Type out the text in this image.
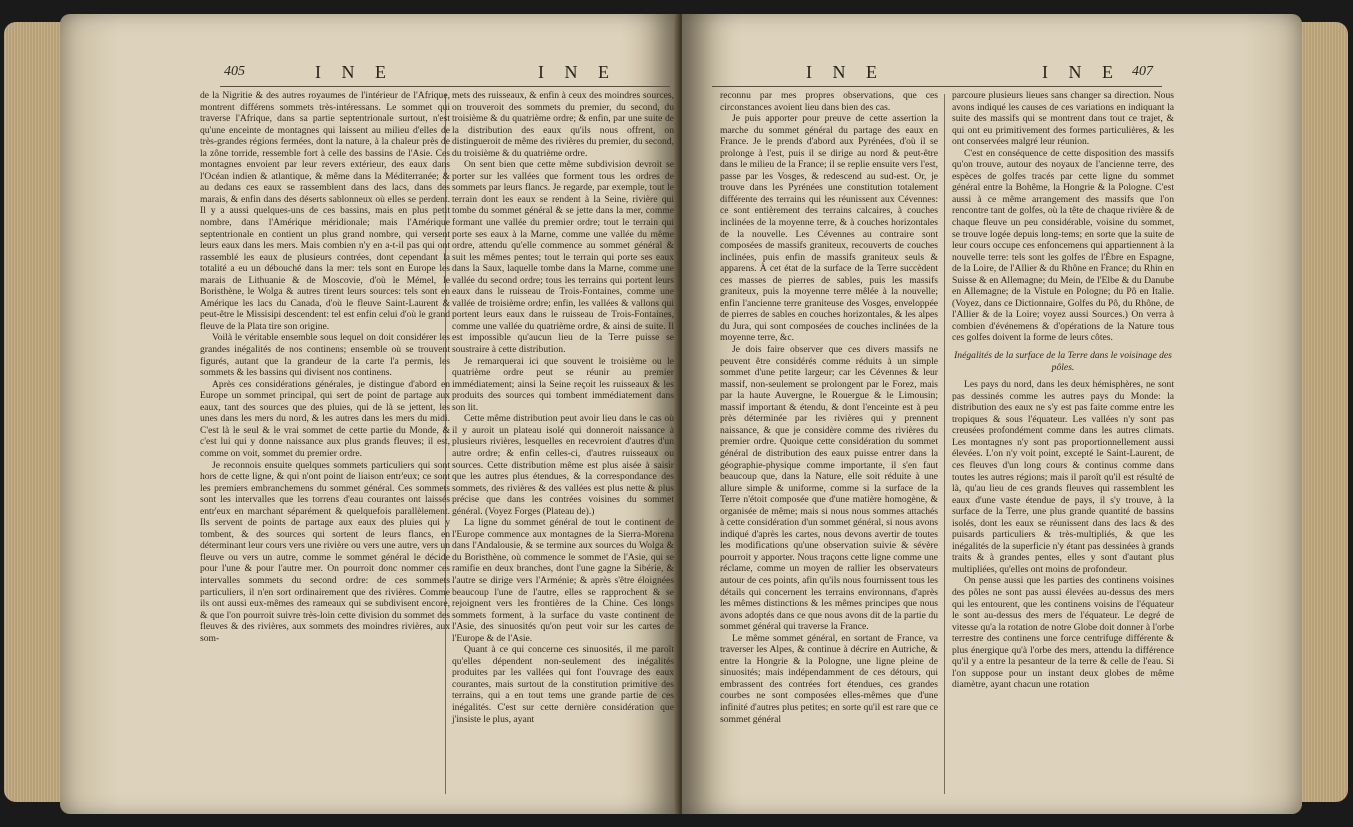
405	I N E	I N E

de la Nigritie & des autres royaumes de l'intérieur de l'Afrique, montrent différens sommets très-intéressans. Le sommet qui traverse l'Afrique, dans sa partie septentrionale surtout, n'est qu'une enceinte de montagnes qui laissent au milieu d'elles de très-grandes régions fermées, dont la nature, à la chaleur près de la zône torride, ressemble fort à celle des bassins de l'Asie. Ces montagnes envoient par leur revers extérieur, des eaux dans l'Océan indien & atlantique, & même dans la Méditerranée; & au dedans ces eaux se rassemblent dans des lacs, dans des marais, & enfin dans des déserts sablonneux où elles se perdent. Il y a aussi quelques-uns de ces bassins, mais en plus petit nombre, dans l'Amérique méridionale; mais l'Amérique septentrionale en contient un plus grand nombre, qui versent leurs eaux dans les mers. Mais combien n'y en a-t-il pas qui ont rassemblé les eaux de plusieurs contrées, dont cependant la totalité a eu un débouché dans la mer: tels sont en Europe les marais de Lithuanie & de Moscovie, d'où le Mémel, le Boristhène, le Wolga & autres tirent leurs sources: tels sont en Amérique les lacs du Canada, d'où le fleuve Saint-Laurent & peut-être le Missisipi descendent: tel est enfin celui d'où le grand fleuve de la Plata tire son origine.

Voilà le véritable ensemble sous lequel on doit considérer les grandes inégalités de nos continens; ensemble où se trouvent figurés, autant que la grandeur de la carte l'a permis, les sommets & les bassins qui divisent nos continens.

Après ces considérations générales, je distingue d'abord en Europe un sommet principal, qui sert de point de partage aux eaux, tant des sources que des pluies, qui de là se jettent, les unes dans les mers du nord, & les autres dans les mers du midi. C'est là le seul & le vrai sommet de cette partie du Monde, & c'est lui qui y donne naissance aux plus grands fleuves; il est, comme on voit, sommet du premier ordre.

Je reconnois ensuite quelques sommets particuliers qui sont hors de cette ligne, & qui n'ont point de liaison entr'eux; ce sont les premiers embranchemens du sommet général. Ces sommets sont les intervalles que les torrens d'eau courantes ont laissés entr'eux en marchant séparément & quelquefois parallèlement. Ils servent de points de partage aux eaux des pluies qui y tombent, & des sources qui sortent de leurs flancs, en déterminant leur cours vers une rivière ou vers une autre, vers un fleuve ou vers un autre, comme le sommet général le décide pour l'une & pour l'autre mer. On pourroit donc nommer ces intervalles sommets du second ordre: de ces sommets particuliers, il n'en sort ordinairement que des rivières. Comme ils ont aussi eux-mêmes des rameaux qui se subdivisent encore, & que l'on pourroit suivre très-loin cette division du sommet des fleuves & des rivières, aux sommets des moindres rivières, aux som-

mets des ruisseaux, & enfin à ceux des moindres sources, on trouveroit des sommets du premier, du second, du troisième & du quatrième ordre; & enfin, par une suite de la distribution des eaux qu'ils nous offrent, on distingueroit de même des rivières du premier, du second, du troisième & du quatrième ordre.

On sent bien que cette même subdivision devroit se porter sur les vallées que forment tous les ordres de sommets par leurs flancs. Je regarde, par exemple, tout le terrain dont les eaux se rendent à la Seine, rivière qui tombe du sommet général & se jette dans la mer, comme formant une vallée du premier ordre; tout le terrain qui porte ses eaux à la Marne, comme une vallée du même ordre, attendu qu'elle commence au sommet général & suit les mêmes pentes; tout le terrain qui porte ses eaux dans la Saux, laquelle tombe dans la Marne, comme une vallée du second ordre; tous les terrains qui portent leurs eaux dans le ruisseau de Trois-Fontaines, comme une vallée de troisième ordre; enfin, les vallées & vallons qui portent leurs eaux dans le ruisseau de Trois-Fontaines, comme une vallée du quatrième ordre, & ainsi de suite. Il est impossible qu'aucun lieu de la Terre puisse se soustraire à cette distribution.

Je remarquerai ici que souvent le troisième ou le quatrième ordre peut se réunir au premier immédiatement; ainsi la Seine reçoit les ruisseaux & les produits des sources qui tombent immédiatement dans son lit.

Cette même distribution peut avoir lieu dans le cas où il y auroit un plateau isolé qui donneroit naissance à plusieurs rivières, lesquelles en recevroient d'autres d'un autre ordre; & enfin celles-ci, d'autres ruisseaux ou sources. Cette distribution même est plus aisée à saisir que les autres plus étendues, & la correspondance des sommets, des rivières & des vallées est plus nette & plus précise que dans les contrées voisines du sommet général. (Voyez Forges (Plateau de).)

La ligne du sommet général de tout le continent de l'Europe commence aux montagnes de la Sierra-Morena dans l'Andalousie, & se termine aux sources du Wolga & du Boristhène, où commence le sommet de l'Asie, qui se ramifie en deux branches, dont l'une gagne la Sibérie, & l'autre se dirige vers l'Arménie; & après s'être éloignées beaucoup l'une de l'autre, elles se rapprochent & se rejoignent vers les frontières de la Chine. Ces longs sommets forment, à la surface du vaste continent de l'Asie, des sinuosités qu'on peut voir sur les cartes de l'Europe & de l'Asie.

Quant à ce qui concerne ces sinuosités, il me paroît qu'elles dépendent non-seulement des inégalités produites par les vallées qui font l'ouvrage des eaux courantes, mais surtout de la constitution primitive des terrains, qui a en tout tems une grande partie de ces inégalités. C'est sur cette dernière considération que j'insiste le plus, ayant

I N E	I N E 407

reconnu par mes propres observations, que ces circonstances avoient lieu dans bien des cas.

Je puis apporter pour preuve de cette assertion la marche du sommet général du partage des eaux en France. Je le prends d'abord aux Pyrénées, d'où il se prolonge à l'est, puis il se dirige au nord & peut-être dans le milieu de la France; il se replie ensuite vers l'est, passe par les Vosges, & redescend au sud-est. Or, je trouve dans les Pyrénées une constitution totalement différente des terrains qui les réunissent aux Cévennes: ce sont entièrement des terrains calcaires, à couches inclinées de la moyenne terre, & à couches horizontales de la nouvelle. Les Cévennes au contraire sont composées de massifs graniteux, recouverts de couches inclinées, puis enfin de massifs graniteux seuls & apparens. À cet état de la surface de la Terre succèdent ces masses de pierres de sables, puis les massifs graniteux, puis la moyenne terre mêlée à la nouvelle; enfin l'ancienne terre graniteuse des Vosges, enveloppée de pierres de sables en couches horizontales, & les alpes du Jura, qui sont composées de couches inclinées de la moyenne terre, &c.

Je dois faire observer que ces divers massifs ne peuvent être considérés comme réduits à un simple sommet d'une petite largeur; car les Cévennes & leur massif, non-seulement se prolongent par le Forez, mais par la haute Auvergne, le Rouergue & le Limousin; massif important & étendu, & dont l'enceinte est à peu près déterminée par les rivières qui y prennent naissance, & que je considère comme des rivières du premier ordre. Quoique cette considération du sommet général de distribution des eaux puisse entrer dans la géographie-physique comme importante, il s'en faut beaucoup que, dans la Nature, elle soit réduite à une allure simple & uniforme, comme si la surface de la Terre n'étoit composée que d'une matière homogène, & organisée de même; mais si nous nous sommes attachés à cette considération d'un sommet général, si nous avons indiqué d'après les cartes, nous devons avertir de toutes les modifications qu'une observation suivie & sévère pourroit y apporter. Nous traçons cette ligne comme une réclame, comme un moyen de rallier les observateurs autour de ces points, afin qu'ils nous fournissent tous les détails qui concernent les terrains environnans, d'après les mêmes distinctions & les mêmes principes que nous avons adoptés dans ce que nous avons dit de la partie du sommet général qui traverse la France.

Le même sommet général, en sortant de France, va traverser les Alpes, & continue à décrire en Autriche, & entre la Hongrie & la Pologne, une ligne pleine de sinuosités; mais indépendamment de ces détours, qui embrassent des contrées fort étendues, ces grandes courbes ne sont composées elles-mêmes que d'une infinité d'autres plus petites; en sorte qu'il est rare que ce sommet général

parcoure plusieurs lieues sans changer sa direction. Nous avons indiqué les causes de ces variations en indiquant la suite des massifs qui se montrent dans tout ce trajet, & qui ont eu primitivement des formes particulières, & les ont conservées malgré leur réunion.

C'est en conséquence de cette disposition des massifs qu'on trouve, autour des noyaux de l'ancienne terre, des espèces de golfes tracés par cette ligne du sommet général entre la Bohême, la Hongrie & la Pologne. C'est aussi à ce même arrangement des massifs que l'on rencontre tant de golfes, où la tête de chaque rivière & de chaque fleuve un peu considérable, voisine du sommet, se trouve logée depuis long-tems; en sorte que la suite de leur cours occupe ces enfoncemens qui appartiennent à la nouvelle terre: tels sont les golfes de l'Èbre en Espagne, de la Loire, de l'Allier & du Rhône en France; du Rhin en Suisse & en Allemagne; du Mein, de l'Elbe & du Danube en Allemagne; de la Vistule en Pologne; du Pô en Italie. (Voyez, dans ce Dictionnaire, Golfes du Pô, du Rhône, de l'Allier & de la Loire; voyez aussi Sources.) On verra à combien d'événemens & d'opérations de la Nature tous ces golfes doivent la forme de leurs côtes.

Inégalités de la surface de la Terre dans le voisinage des pôles.

Les pays du nord, dans les deux hémisphères, ne sont pas dessinés comme les autres pays du Monde: la distribution des eaux ne s'y est pas faite comme entre les tropiques & sous l'équateur. Les vallées n'y sont pas creusées profondément comme dans les autres climats. Les montagnes n'y sont pas proportionnellement aussi élevées. L'on n'y voit point, excepté le Saint-Laurent, de ces fleuves d'un long cours & continus comme dans toutes les autres régions; mais il paroît qu'il est résulté de là, qu'au lieu de ces grands fleuves qui rassemblent les eaux d'une vaste étendue de pays, il s'y trouve, à la surface de la Terre, une plus grande quantité de bassins isolés, dont les eaux se réunissent dans des lacs & des puisards particuliers & très-multipliés, & que les inégalités de la superficie n'y étant pas dessinées à grands traits & à grandes pentes, elles y sont d'autant plus multipliées, qu'elles ont moins de profondeur.

On pense aussi que les parties des continens voisines des pôles ne sont pas aussi élevées au-dessus des mers qui les entourent, que les continens voisins de l'équateur le sont au-dessus des mers de l'équateur. Le degré de vitesse qu'a la rotation de notre Globe doit donner à l'orbe terrestre des continens une force centrifuge différente & plus énergique qu'à l'orbe des mers, attendu la différence qu'il y a entre la pesanteur de la terre & celle de l'eau. Si l'on suppose pour un instant deux globes de même diamètre, ayant chacun une rotation
